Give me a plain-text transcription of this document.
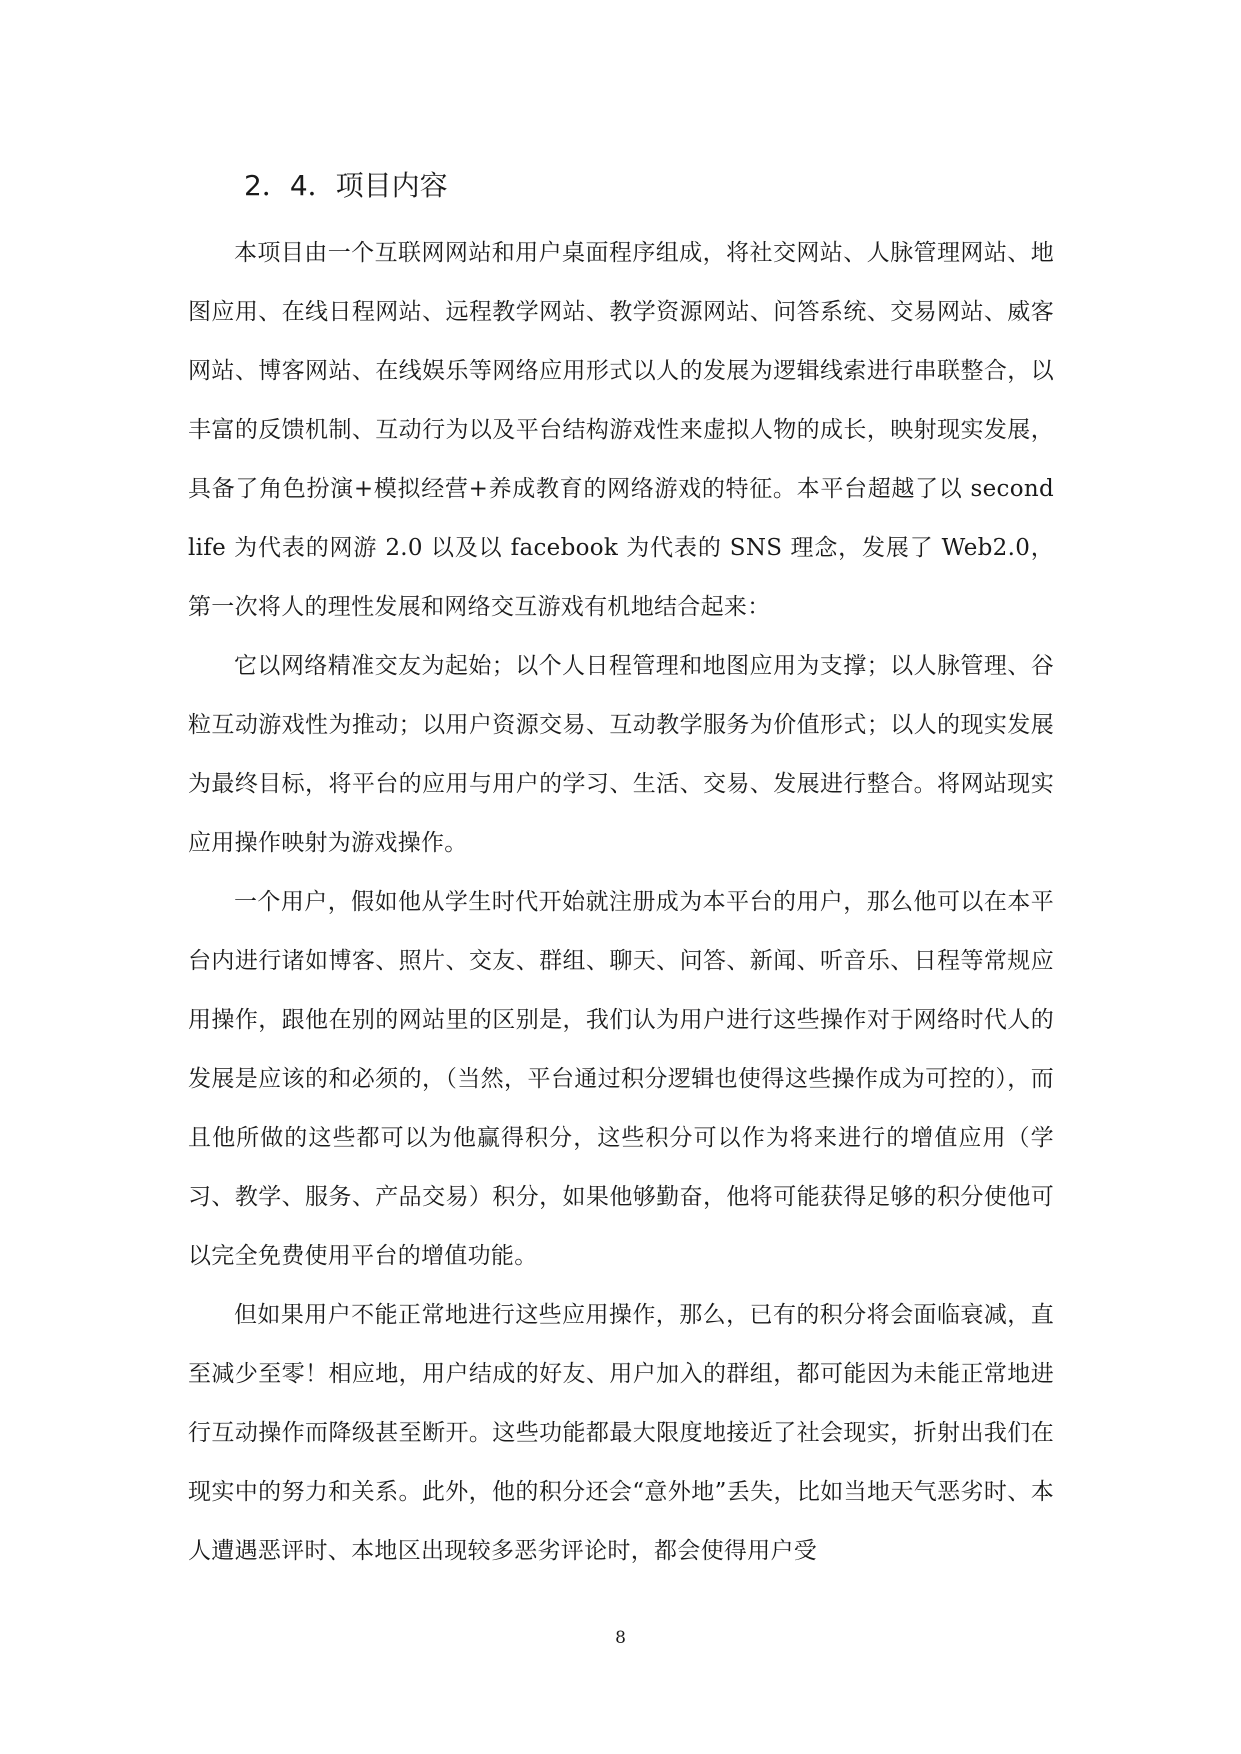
2．4．项目内容

本项目由一个互联网网站和用户桌面程序组成，将社交网站、人脉管理网站、地图应用、在线日程网站、远程教学网站、教学资源网站、问答系统、交易网站、威客网站、博客网站、在线娱乐等网络应用形式以人的发展为逻辑线索进行串联整合，以丰富的反馈机制、互动行为以及平台结构游戏性来虚拟人物的成长，映射现实发展，具备了角色扮演+模拟经营+养成教育的网络游戏的特征。本平台超越了以 second life 为代表的网游 2.0 以及以 facebook 为代表的 SNS 理念，发展了 Web2.0，第一次将人的理性发展和网络交互游戏有机地结合起来：

它以网络精准交友为起始；以个人日程管理和地图应用为支撑；以人脉管理、谷粒互动游戏性为推动；以用户资源交易、互动教学服务为价值形式；以人的现实发展为最终目标，将平台的应用与用户的学习、生活、交易、发展进行整合。将网站现实应用操作映射为游戏操作。

一个用户，假如他从学生时代开始就注册成为本平台的用户，那么他可以在本平台内进行诸如博客、照片、交友、群组、聊天、问答、新闻、听音乐、日程等常规应用操作，跟他在别的网站里的区别是，我们认为用户进行这些操作对于网络时代人的发展是应该的和必须的，（当然，平台通过积分逻辑也使得这些操作成为可控的），而且他所做的这些都可以为他赢得积分，这些积分可以作为将来进行的增值应用（学习、教学、服务、产品交易）积分，如果他够勤奋，他将可能获得足够的积分使他可以完全免费使用平台的增值功能。

但如果用户不能正常地进行这些应用操作，那么，已有的积分将会面临衰减，直至减少至零！相应地，用户结成的好友、用户加入的群组，都可能因为未能正常地进行互动操作而降级甚至断开。这些功能都最大限度地接近了社会现实，折射出我们在现实中的努力和关系。此外，他的积分还会“意外地”丢失，比如当地天气恶劣时、本人遭遇恶评时、本地区出现较多恶劣评论时，都会使得用户受

8
